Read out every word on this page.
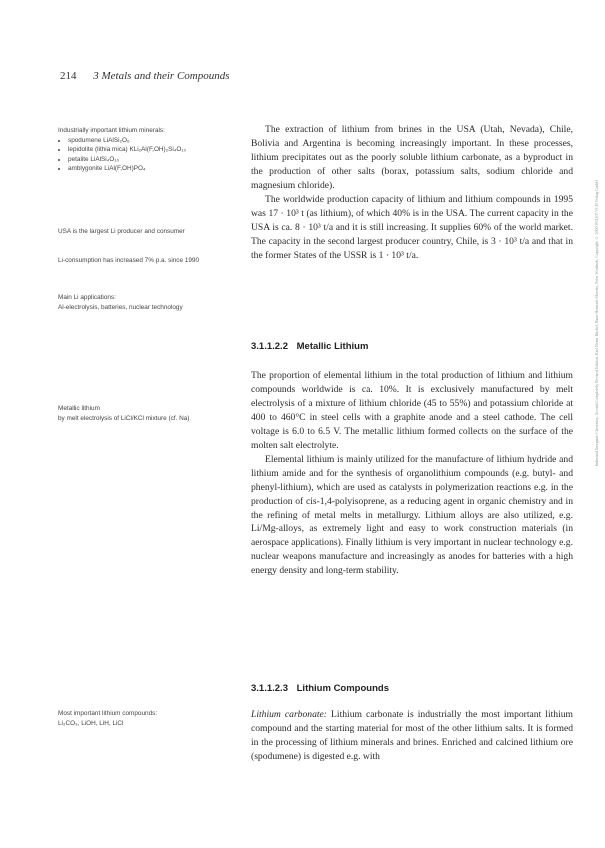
214 3 Metals and their Compounds
Industrially important lithium minerals:
• spodumene LiAlSi₂O₆
• lepidolite (lithia mica) KLi₂Al(F,OH)₂Si₄O₁₀
• petalite LiAlSi₄O₁₀
• amblygonite LiAl(F,OH)PO₄
USA is the largest Li producer and consumer
Li-consumption has increased 7% p.a. since 1990
Main Li applications:
Al-electrolysis, batteries, nuclear technology
Metallic lithium
by melt electrolysis of LiCl/KCl mixture (cf. Na)
Most important lithium compounds:
Li₂CO₃, LiOH, LiH, LiCl

The extraction of lithium from brines in the USA (Utah, Nevada), Chile, Bolivia and Argentina is becoming increasingly important. In these processes, lithium precipitates out as the poorly soluble lithium carbonate, as a byproduct in the production of other salts (borax, potassium salts, sodium chloride and magnesium chloride).

The worldwide production capacity of lithium and lithium compounds in 1995 was 17 · 10³ t (as lithium), of which 40% is in the USA. The current capacity in the USA is ca. 8 · 10³ t/a and it is still increasing. It supplies 60% of the world market. The capacity in the second largest producer country, Chile, is 3 · 10³ t/a and that in the former States of the USSR is 1 · 10³ t/a.

3.1.1.2.2 Metallic Lithium

The proportion of elemental lithium in the total production of lithium and lithium compounds worldwide is ca. 10%. It is exclusively manufactured by melt electrolysis of a mixture of lithium chloride (45 to 55%) and potassium chloride at 400 to 460°C in steel cells with a graphite anode and a steel cathode. The cell voltage is 6.0 to 6.5 V. The metallic lithium formed collects on the surface of the molten salt electrolyte.

Elemental lithium is mainly utilized for the manufacture of lithium hydride and lithium amide and for the synthesis of organolithium compounds (e.g. butyl- and phenyl-lithium), which are used as catalysts in polymerization reactions e.g. in the production of cis-1,4-polyisoprene, as a reducing agent in organic chemistry and in the refining of metal melts in metallurgy. Lithium alloys are also utilized, e.g. Li/Mg-alloys, as extremely light and easy to work construction materials (in aerospace applications). Finally lithium is very important in nuclear technology e.g. nuclear weapons manufacture and increasingly as anodes for batteries with a high energy density and long-term stability.

3.1.1.2.3 Lithium Compounds

Lithium carbonate: Lithium carbonate is industrially the most important lithium compound and the starting material for most of the other lithium salts. It is formed in the processing of lithium minerals and brines. Enriched and calcined lithium ore (spodumene) is digested e.g. with

Industrial Inorganic Chemistry, Second Completely Revised Edition. Karl Heinz Büchel, Hans-Heinrich Moretto, Peter Woditsch. Copyright © 2000 WILEY-VCH Verlag GmbH
